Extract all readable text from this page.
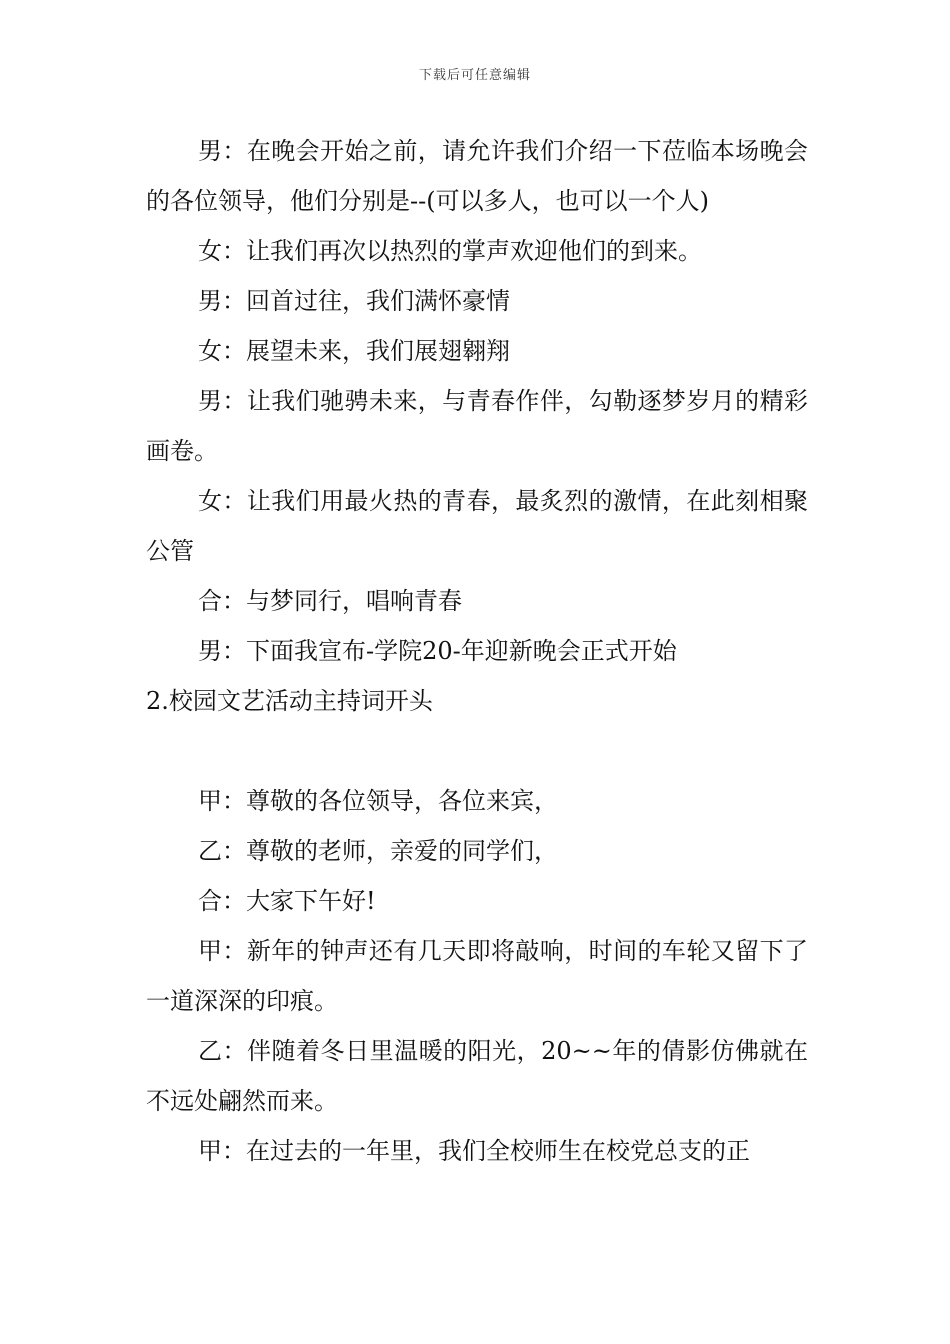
下载后可任意编辑

男：在晚会开始之前，请允许我们介绍一下莅临本场晚会的各位领导，他们分别是--(可以多人，也可以一个人)

女：让我们再次以热烈的掌声欢迎他们的到来。

男：回首过往，我们满怀豪情

女：展望未来，我们展翅翱翔

男：让我们驰骋未来，与青春作伴，勾勒逐梦岁月的精彩画卷。

女：让我们用最火热的青春，最炙烈的激情，在此刻相聚公管

合：与梦同行，唱响青春

男：下面我宣布-学院20-年迎新晚会正式开始

2.校园文艺活动主持词开头

甲：尊敬的各位领导，各位来宾，

乙：尊敬的老师，亲爱的同学们，

合：大家下午好!

甲：新年的钟声还有几天即将敲响，时间的车轮又留下了一道深深的印痕。

乙：伴随着冬日里温暖的阳光，20~~年的倩影仿佛就在不远处翩然而来。

甲：在过去的一年里，我们全校师生在校党总支的正
